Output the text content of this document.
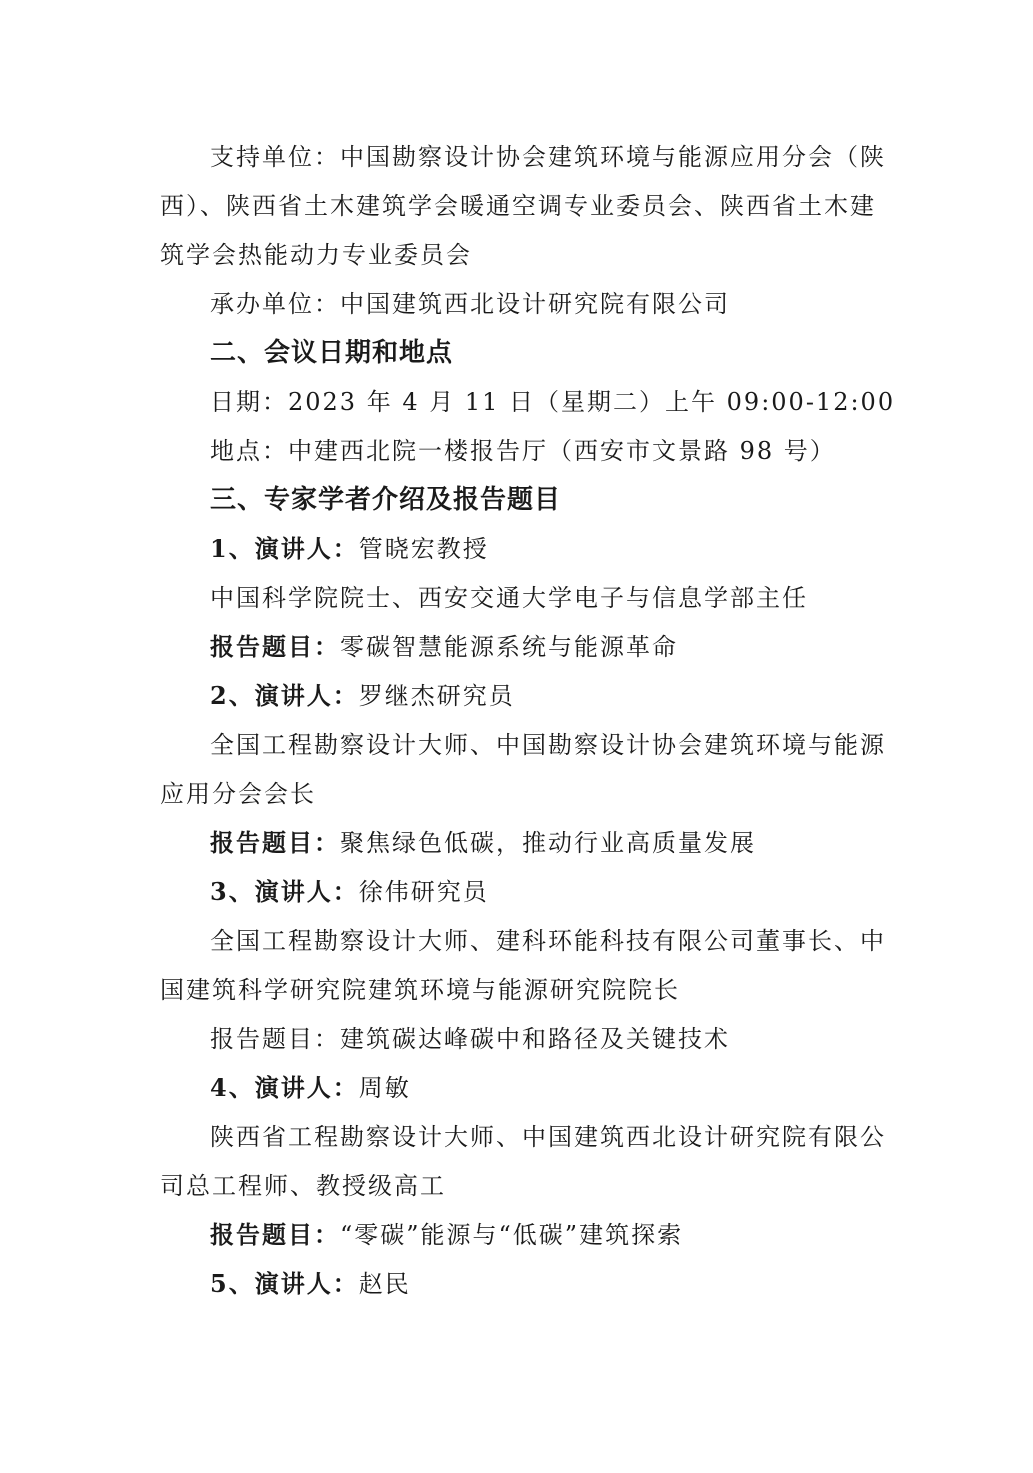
支持单位：中国勘察设计协会建筑环境与能源应用分会（陕
西）、陕西省土木建筑学会暖通空调专业委员会、陕西省土木建
筑学会热能动力专业委员会
承办单位：中国建筑西北设计研究院有限公司
二、会议日期和地点
日期：2023 年 4 月 11 日（星期二）上午 09:00-12:00
地点：中建西北院一楼报告厅（西安市文景路 98 号）
三、专家学者介绍及报告题目
1、演讲人：管晓宏教授
中国科学院院士、西安交通大学电子与信息学部主任
报告题目：零碳智慧能源系统与能源革命
2、演讲人：罗继杰研究员
全国工程勘察设计大师、中国勘察设计协会建筑环境与能源
应用分会会长
报告题目：聚焦绿色低碳，推动行业高质量发展
3、演讲人：徐伟研究员
全国工程勘察设计大师、建科环能科技有限公司董事长、中
国建筑科学研究院建筑环境与能源研究院院长
报告题目：建筑碳达峰碳中和路径及关键技术
4、演讲人：周敏
陕西省工程勘察设计大师、中国建筑西北设计研究院有限公
司总工程师、教授级高工
报告题目：“零碳”能源与“低碳”建筑探索
5、演讲人：赵民
